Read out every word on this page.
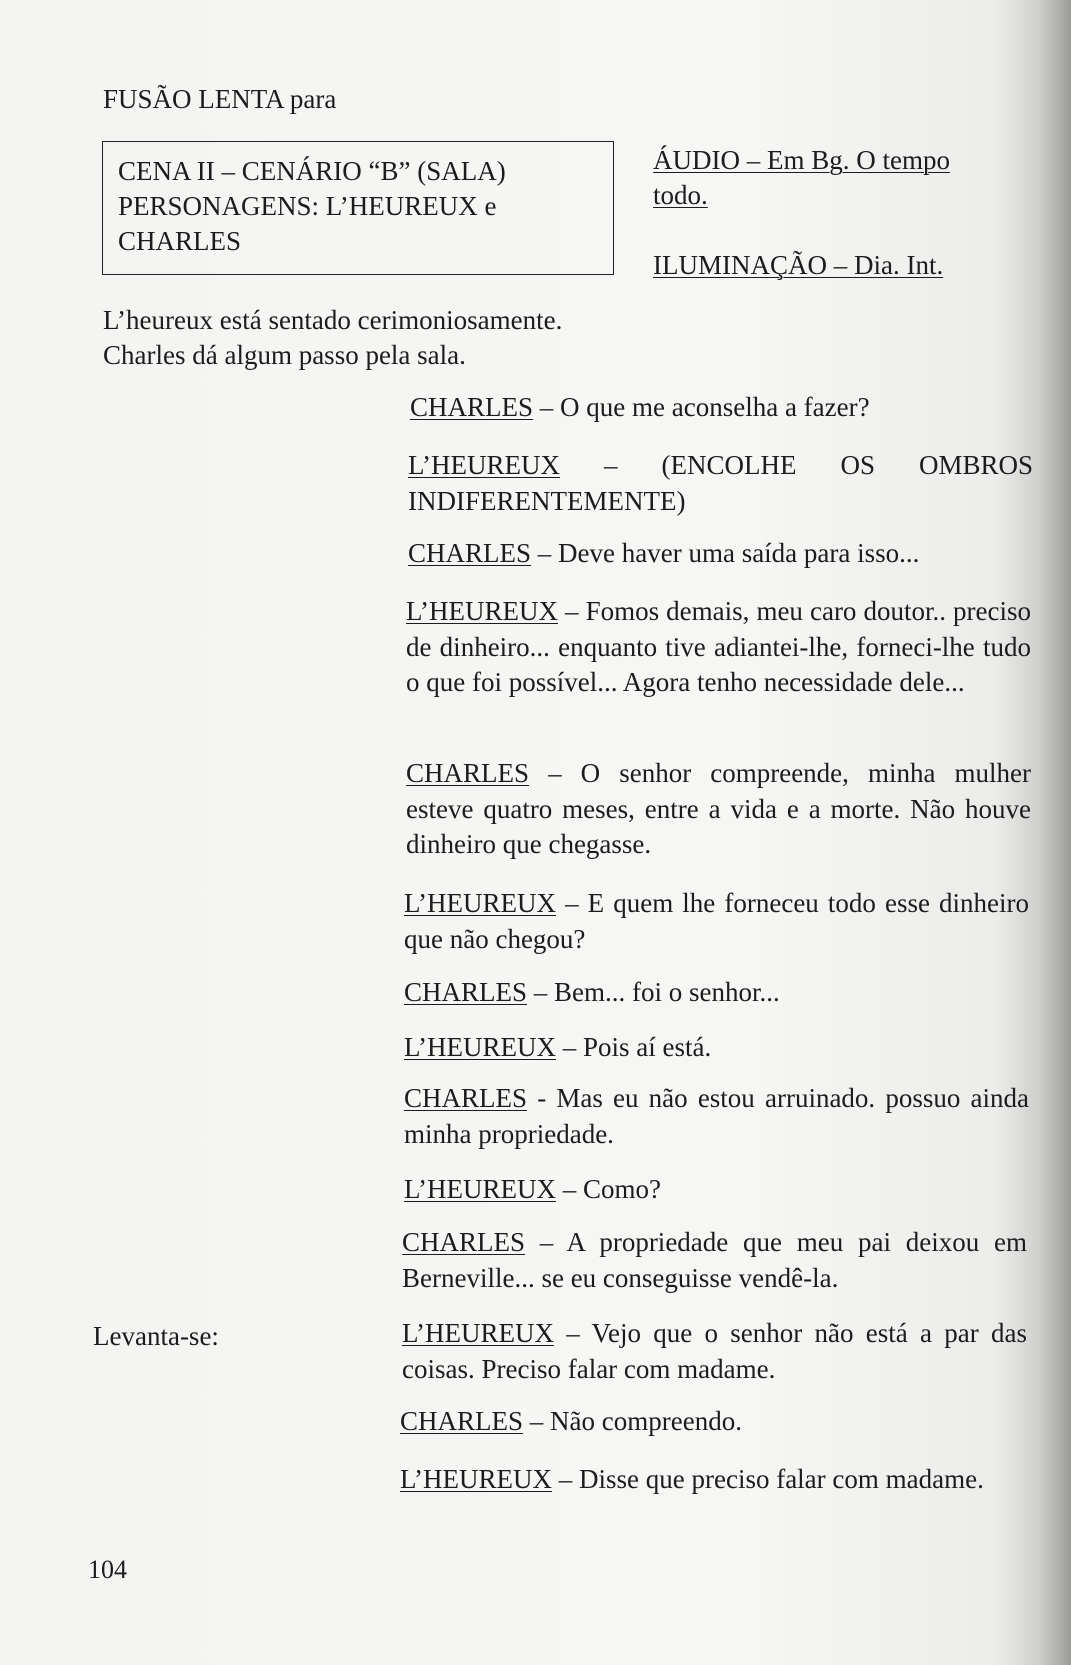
FUSÃO LENTA para
CENA II – CENÁRIO “B” (SALA)
PERSONAGENS: L’HEUREUX e
CHARLES
ÁUDIO – Em Bg. O tempo
todo.
ILUMINAÇÃO – Dia. Int.
L’heureux está sentado cerimoniosamente.
Charles dá algum passo pela sala.
CHARLES – O que me aconselha a fazer?
L’HEUREUX – (ENCOLHE OS OMBROS INDIFERENTEMENTE)
CHARLES – Deve haver uma saída para isso...
L’HEUREUX – Fomos demais, meu caro doutor.. preciso de dinheiro... enquanto tive adiantei-lhe, forneci-lhe tudo o que foi possível... Agora tenho necessidade dele...
CHARLES – O senhor compreende, minha mulher esteve quatro meses, entre a vida e a morte. Não houve dinheiro que chegasse.
L’HEUREUX – E quem lhe forneceu todo esse dinheiro que não chegou?
CHARLES – Bem... foi o senhor...
L’HEUREUX – Pois aí está.
CHARLES - Mas eu não estou arruinado. possuo ainda minha propriedade.
L’HEUREUX – Como?
CHARLES – A propriedade que meu pai deixou em Berneville... se eu conseguisse vendê-la.
L’HEUREUX – Vejo que o senhor não está a par das coisas. Preciso falar com madame.
CHARLES – Não compreendo.
L’HEUREUX – Disse que preciso falar com madame.
Levanta-se:
104
